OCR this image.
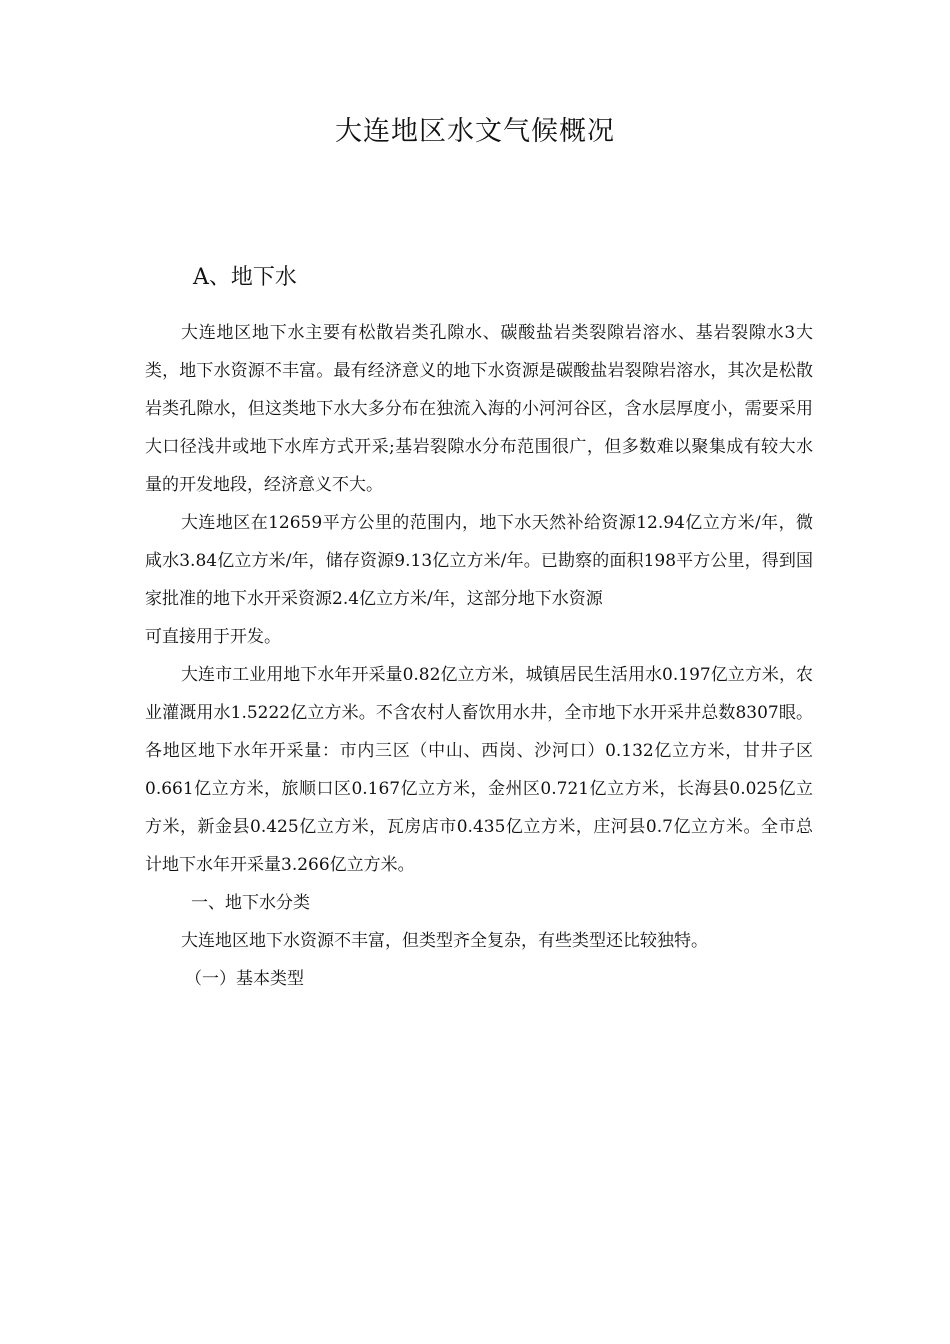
大连地区水文气候概况
A、地下水

大连地区地下水主要有松散岩类孔隙水、碳酸盐岩类裂隙岩溶水、基岩裂隙水3大类，地下水资源不丰富。最有经济意义的地下水资源是碳酸盐岩裂隙岩溶水，其次是松散岩类孔隙水，但这类地下水大多分布在独流入海的小河河谷区，含水层厚度小，需要采用大口径浅井或地下水库方式开采;基岩裂隙水分布范围很广，但多数难以聚集成有较大水量的开发地段，经济意义不大。

大连地区在12659平方公里的范围内，地下水天然补给资源12.94亿立方米/年，微咸水3.84亿立方米/年，储存资源9.13亿立方米/年。已勘察的面积198平方公里，得到国家批准的地下水开采资源2.4亿立方米/年，这部分地下水资源

可直接用于开发。

大连市工业用地下水年开采量0.82亿立方米，城镇居民生活用水0.197亿立方米，农业灌溉用水1.5222亿立方米。不含农村人畜饮用水井，全市地下水开采井总数8307眼。各地区地下水年开采量：市内三区（中山、西岗、沙河口）0.132亿立方米，甘井子区0.661亿立方米，旅顺口区0.167亿立方米，金州区0.721亿立方米，长海县0.025亿立方米，新金县0.425亿立方米，瓦房店市0.435亿立方米，庄河县0.7亿立方米。全市总计地下水年开采量3.266亿立方米。

一、地下水分类

大连地区地下水资源不丰富，但类型齐全复杂，有些类型还比较独特。

（一）基本类型
